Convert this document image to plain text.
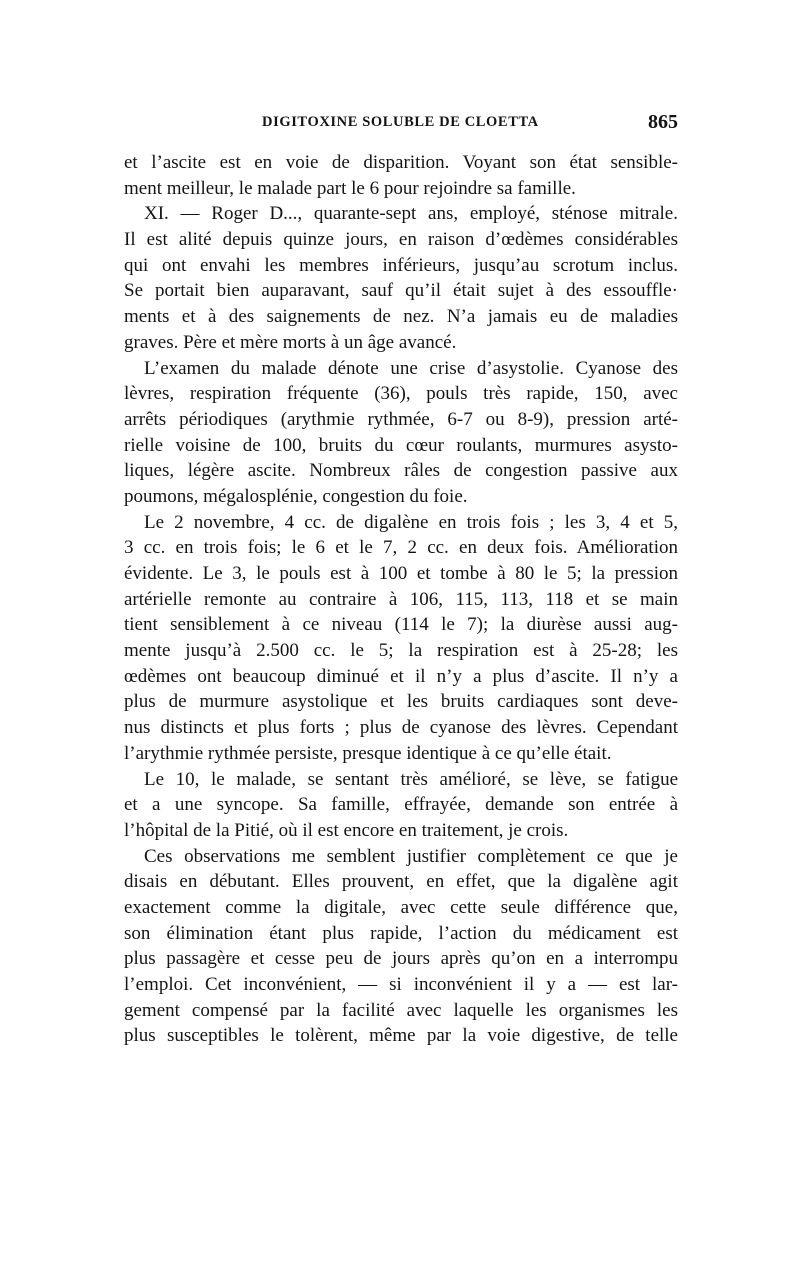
DIGITOXINE SOLUBLE DE CLOETTA	865
et l’ascite est en voie de disparition. Voyant son état sensible-
ment meilleur, le malade part le 6 pour rejoindre sa famille.
XI. — Roger D..., quarante-sept ans, employé, sténose mitrale.
Il est alité depuis quinze jours, en raison d’œdèmes considérables
qui ont envahi les membres inférieurs, jusqu’au scrotum inclus.
Se portait bien auparavant, sauf qu’il était sujet à des essouffle·
ments et à des saignements de nez. N’a jamais eu de maladies
graves. Père et mère morts à un âge avancé.
L’examen du malade dénote une crise d’asystolie. Cyanose des
lèvres, respiration fréquente (36), pouls très rapide, 150, avec
arrêts périodiques (arythmie rythmée, 6-7 ou 8-9), pression arté-
rielle voisine de 100, bruits du cœur roulants, murmures asysto-
liques, légère ascite. Nombreux râles de congestion passive aux
poumons, mégalosplénie, congestion du foie.
Le 2 novembre, 4 cc. de digalène en trois fois ; les 3, 4 et 5,
3 cc. en trois fois; le 6 et le 7, 2 cc. en deux fois. Amélioration
évidente. Le 3, le pouls est à 100 et tombe à 80 le 5; la pression
artérielle remonte au contraire à 106, 115, 113, 118 et se main
tient sensiblement à ce niveau (114 le 7); la diurèse aussi aug-
mente jusqu’à 2.500 cc. le 5; la respiration est à 25-28; les
œdèmes ont beaucoup diminué et il n’y a plus d’ascite. Il n’y a
plus de murmure asystolique et les bruits cardiaques sont deve-
nus distincts et plus forts ; plus de cyanose des lèvres. Cependant
l’arythmie rythmée persiste, presque identique à ce qu’elle était.
Le 10, le malade, se sentant très amélioré, se lève, se fatigue
et a une syncope. Sa famille, effrayée, demande son entrée à
l’hôpital de la Pitié, où il est encore en traitement, je crois.
Ces observations me semblent justifier complètement ce que je
disais en débutant. Elles prouvent, en effet, que la digalène agit
exactement comme la digitale, avec cette seule différence que,
son élimination étant plus rapide, l’action du médicament est
plus passagère et cesse peu de jours après qu’on en a interrompu
l’emploi. Cet inconvénient, — si inconvénient il y a — est lar-
gement compensé par la facilité avec laquelle les organismes les
plus susceptibles le tolèrent, même par la voie digestive, de telle
